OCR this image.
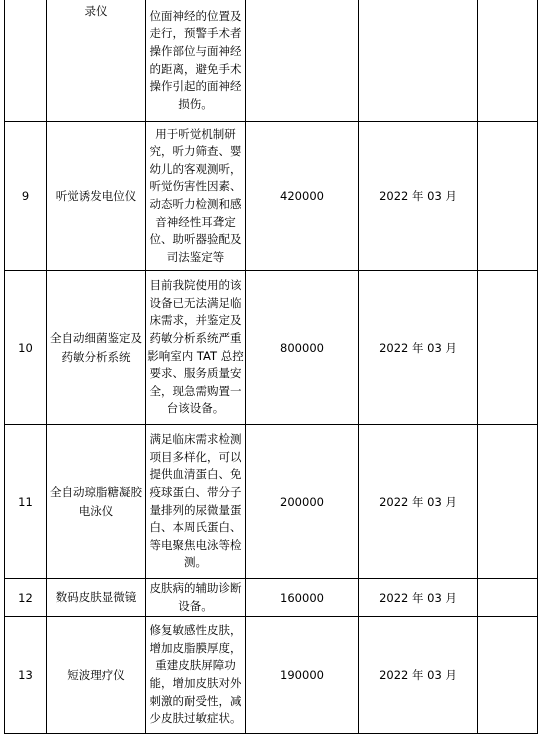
	录仪	位面神经的位置及走行，预警手术者操作部位与面神经的距离，避免手术操作引起的面神经损伤。			
9	听觉诱发电位仪	用于听觉机制研究，听力筛查、婴幼儿的客观测听，听觉伤害性因素、动态听力检测和感音神经性耳聋定位、助听器验配及司法鉴定等	420000	2022 年 03 月	
10	全自动细菌鉴定及药敏分析系统	目前我院使用的该设备已无法满足临床需求，并鉴定及药敏分析系统严重影响室内 TAT 总控要求、服务质量安全，现急需购置一台该设备。	800000	2022 年 03 月	
11	全自动琼脂糖凝胶电泳仪	满足临床需求检测项目多样化，可以提供血清蛋白、免疫球蛋白、带分子量排列的尿微量蛋白、本周氏蛋白、等电聚焦电泳等检测。	200000	2022 年 03 月	
12	数码皮肤显微镜	皮肤病的辅助诊断设备。	160000	2022 年 03 月	
13	短波理疗仪	修复敏感性皮肤，增加皮脂膜厚度，重建皮肤屏障功能，增加皮肤对外刺激的耐受性，减少皮肤过敏症状。	190000	2022 年 03 月	
